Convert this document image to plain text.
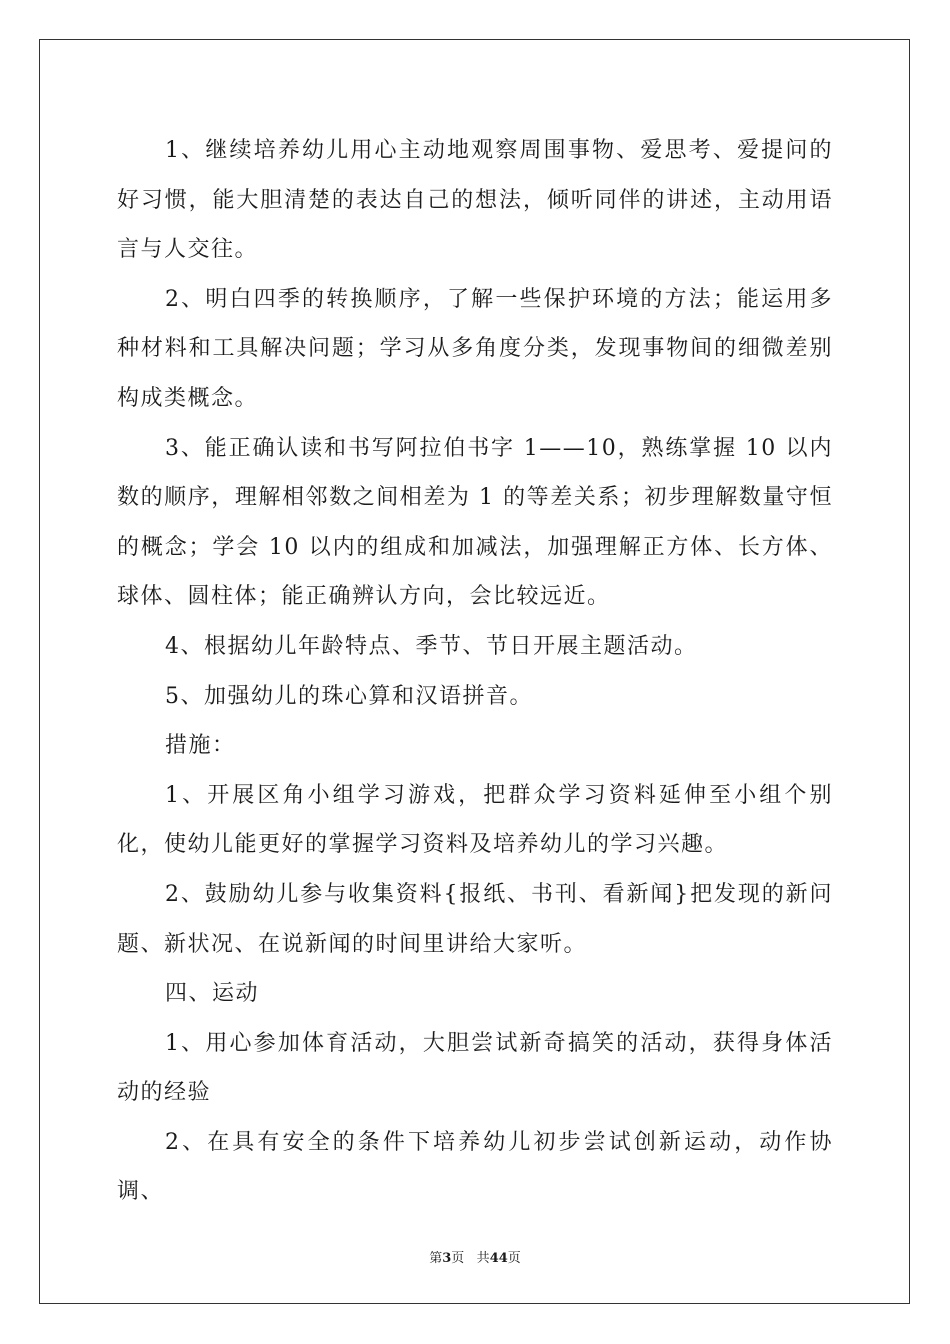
1、继续培养幼儿用心主动地观察周围事物、爱思考、爱提问的好习惯，能大胆清楚的表达自己的想法，倾听同伴的讲述，主动用语言与人交往。

2、明白四季的转换顺序，了解一些保护环境的方法；能运用多种材料和工具解决问题；学习从多角度分类，发现事物间的细微差别构成类概念。

3、能正确认读和书写阿拉伯书字 1——10，熟练掌握 10 以内数的顺序，理解相邻数之间相差为 1 的等差关系；初步理解数量守恒的概念；学会 10 以内的组成和加减法，加强理解正方体、长方体、球体、圆柱体；能正确辨认方向，会比较远近。

4、根据幼儿年龄特点、季节、节日开展主题活动。

5、加强幼儿的珠心算和汉语拼音。

措施：

1、开展区角小组学习游戏，把群众学习资料延伸至小组个别化，使幼儿能更好的掌握学习资料及培养幼儿的学习兴趣。

2、鼓励幼儿参与收集资料{报纸、书刊、看新闻}把发现的新问题、新状况、在说新闻的时间里讲给大家听。

四、运动

1、用心参加体育活动，大胆尝试新奇搞笑的活动，获得身体活动的经验

2、在具有安全的条件下培养幼儿初步尝试创新运动，动作协调、

第3页 共44页
